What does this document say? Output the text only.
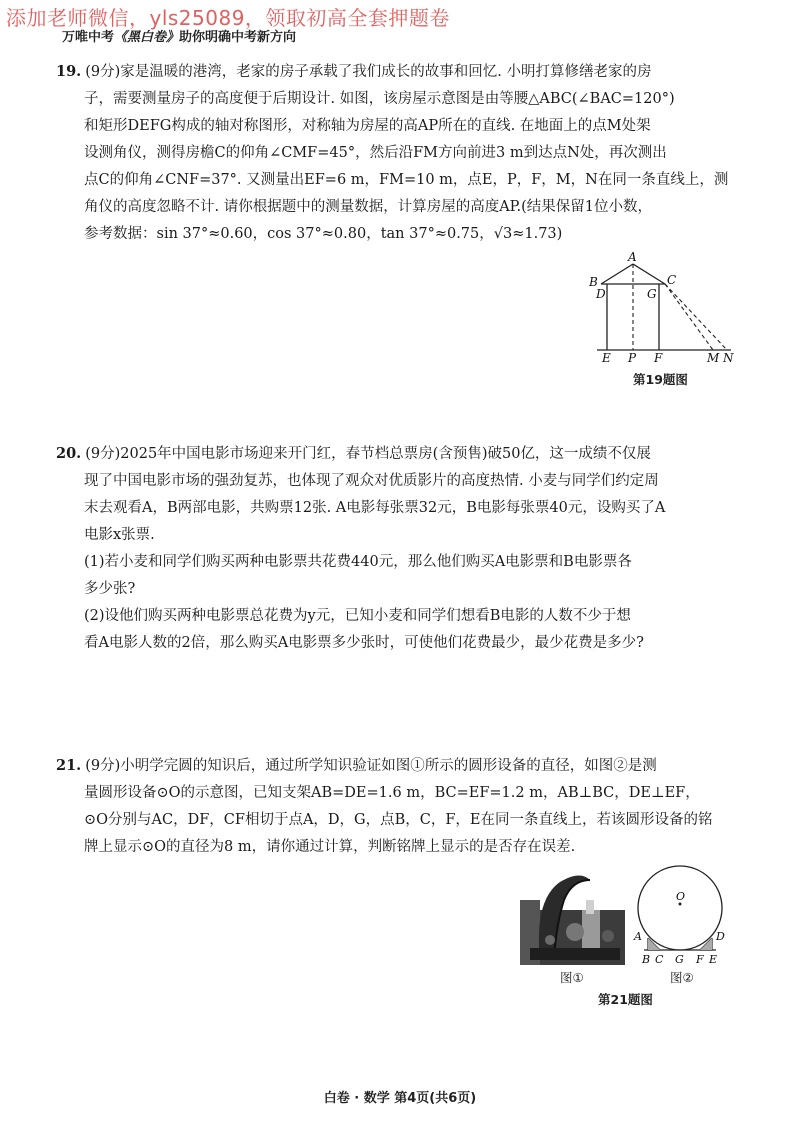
添加老师微信，yls25089，领取初高全套押题卷
万唯中考《黑白卷》助你明确中考新方向
19. (9分)家是温暖的港湾，老家的房子承载了我们成长的故事和回忆. 小明打算修缮老家的房
子，需要测量房子的高度便于后期设计. 如图，该房屋示意图是由等腰△ABC(∠BAC=120°)
和矩形DEFG构成的轴对称图形，对称轴为房屋的高AP所在的直线. 在地面上的点M处架
设测角仪，测得房檐C的仰角∠CMF=45°，然后沿FM方向前进3 m到达点N处，再次测出
点C的仰角∠CNF=37°. 又测量出EF=6 m，FM=10 m，点E，P，F，M，N在同一条直线上，测
角仪的高度忽略不计. 请你根据题中的测量数据，计算房屋的高度AP.(结果保留1位小数，
参考数据：sin 37°≈0.60，cos 37°≈0.80，tan 37°≈0.75，√3≈1.73)
A
B	C
D	G
E P F	M N
第19题图
20. (9分)2025年中国电影市场迎来开门红，春节档总票房(含预售)破50亿，这一成绩不仅展
现了中国电影市场的强劲复苏，也体现了观众对优质影片的高度热情. 小麦与同学们约定周
末去观看A，B两部电影，共购票12张. A电影每张票32元，B电影每张票40元，设购买了A
电影x张票.
(1)若小麦和同学们购买两种电影票共花费440元，那么他们购买A电影票和B电影票各
多少张?
(2)设他们购买两种电影票总花费为y元，已知小麦和同学们想看B电影的人数不少于想
看A电影人数的2倍，那么购买A电影票多少张时，可使他们花费最少，最少花费是多少?
21. (9分)小明学完圆的知识后，通过所学知识验证如图①所示的圆形设备的直径，如图②是测
量圆形设备⊙O的示意图，已知支架AB=DE=1.6 m，BC=EF=1.2 m，AB⊥BC，DE⊥EF，
⊙O分别与AC，DF，CF相切于点A，D，G，点B，C，F，E在同一条直线上，若该圆形设备的铭
牌上显示⊙O的直径为8 m，请你通过计算，判断铭牌上显示的是否存在误差.
图①
O
A	D
B C G F E
图②
第21题图
白卷 · 数学 第4页(共6页)
